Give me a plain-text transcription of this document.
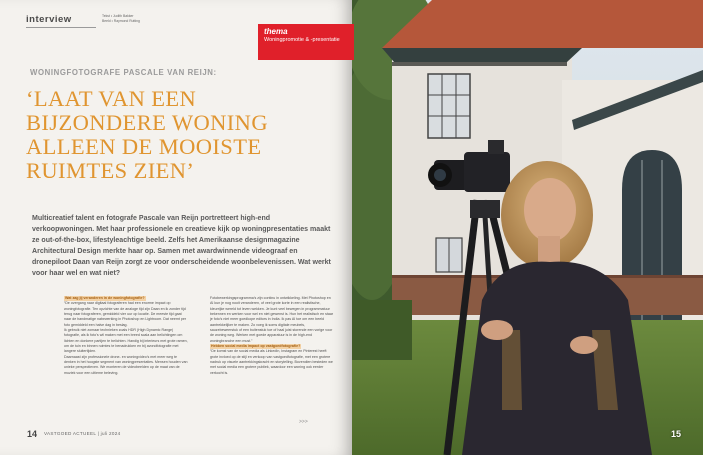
interview	Tekst • Judith Bakker
Beeld • Raymond Rutting
WONINGFOTOGRAFE PASCALE VAN REIJN:
‘LAAT VAN EEN
BIJZONDERE WONING
ALLEEN DE MOOISTE
RUIMTES ZIEN’
Multicreatief talent en fotografe Pascale van Reijn portretteert high-end verkoopwoningen. Met haar professionele en creatieve kijk op woningpresentaties maakt ze out-of-the-box, lifestyleachtige beeld. Zelfs het Amerikaanse designmagazine Architectural Design merkte haar op. Samen met awardwinnende videograaf en dronepiloot Daan van Reijn zorgt ze voor onderscheidende woonbelevenissen. Wat werkt voor haar wel en wat niet?
Wat zag jij veranderen in de woningfotografie?
“De overgang naar digitaal fotograferen had een enorme impact op woningfotografie. Ten opzichte van de analoge tijd zijn Daan en ik zonder tijd terug naar fotograferen, gemiddeld vier uur op locatie. De meeste tijd gaat naar de handmatige nabewerking in Photoshop en Lightroom. Dat neemt per foto gemiddeld een halve dag in beslag.
Ik gebruik niet zomaar technieken zoals HDR (High Dynamic Range) fotografie, als ik foto’s wil maken met een breed scala aan belichtingen om lichten en donkere partijen te belichten. Handig bij interieurs met grote ramen, om de tuin en binnen ruimtes te benadrukken en bij avondfotografie met langere sluitertijden.
Daarnaast zijn professionele drone- en woningvideo’s met meer weg te denken in het hoogste segment van woningpresentaties. Mensen houden van unieke perspectieven. We monteren de videobeelden op de maat van de muziek voor een ultieme beleving.
Fotobewerkingsprogramma’s zijn continu in ontwikkeling. Met Photoshop en AI kun je nog nooit veranderen, of veel grote korte in een realistische, kleurrijke wereld tot leven wekken. Je kunt veel bewegen in programmatuur bekennen en werken voor wel en niet gewenst is. Hun het realistisch en staar je foto’s niet meer goedkope editors in India. Ik pas AI toe om een beeld aantrekkelijker te maken. Zo voeg ik soms digitale meubels, sauzebeweerstuk of een buitenstuk toe of haal juist storende een vorige voor de woning weg. Werken met goede apparatuur is in de high-end woningbranche een must.”
Hebben social media impact op vastgoedfotografie?
“De komst van de social media als LinkedIn, Instagram en Pinterest heeft grote invloed op de stijl en verkoop van vastgoedfotografie, met een grotere nadruk op visuele aantrekkingskracht en storytelling. Bovendien besteden we met social media een grotere publiek, waardoor een woning ook eerder verkocht is.
14 VASTGOED ACTUEEL | juli 2024
>>>
thema
Woningpromotie & -presentatie
15
